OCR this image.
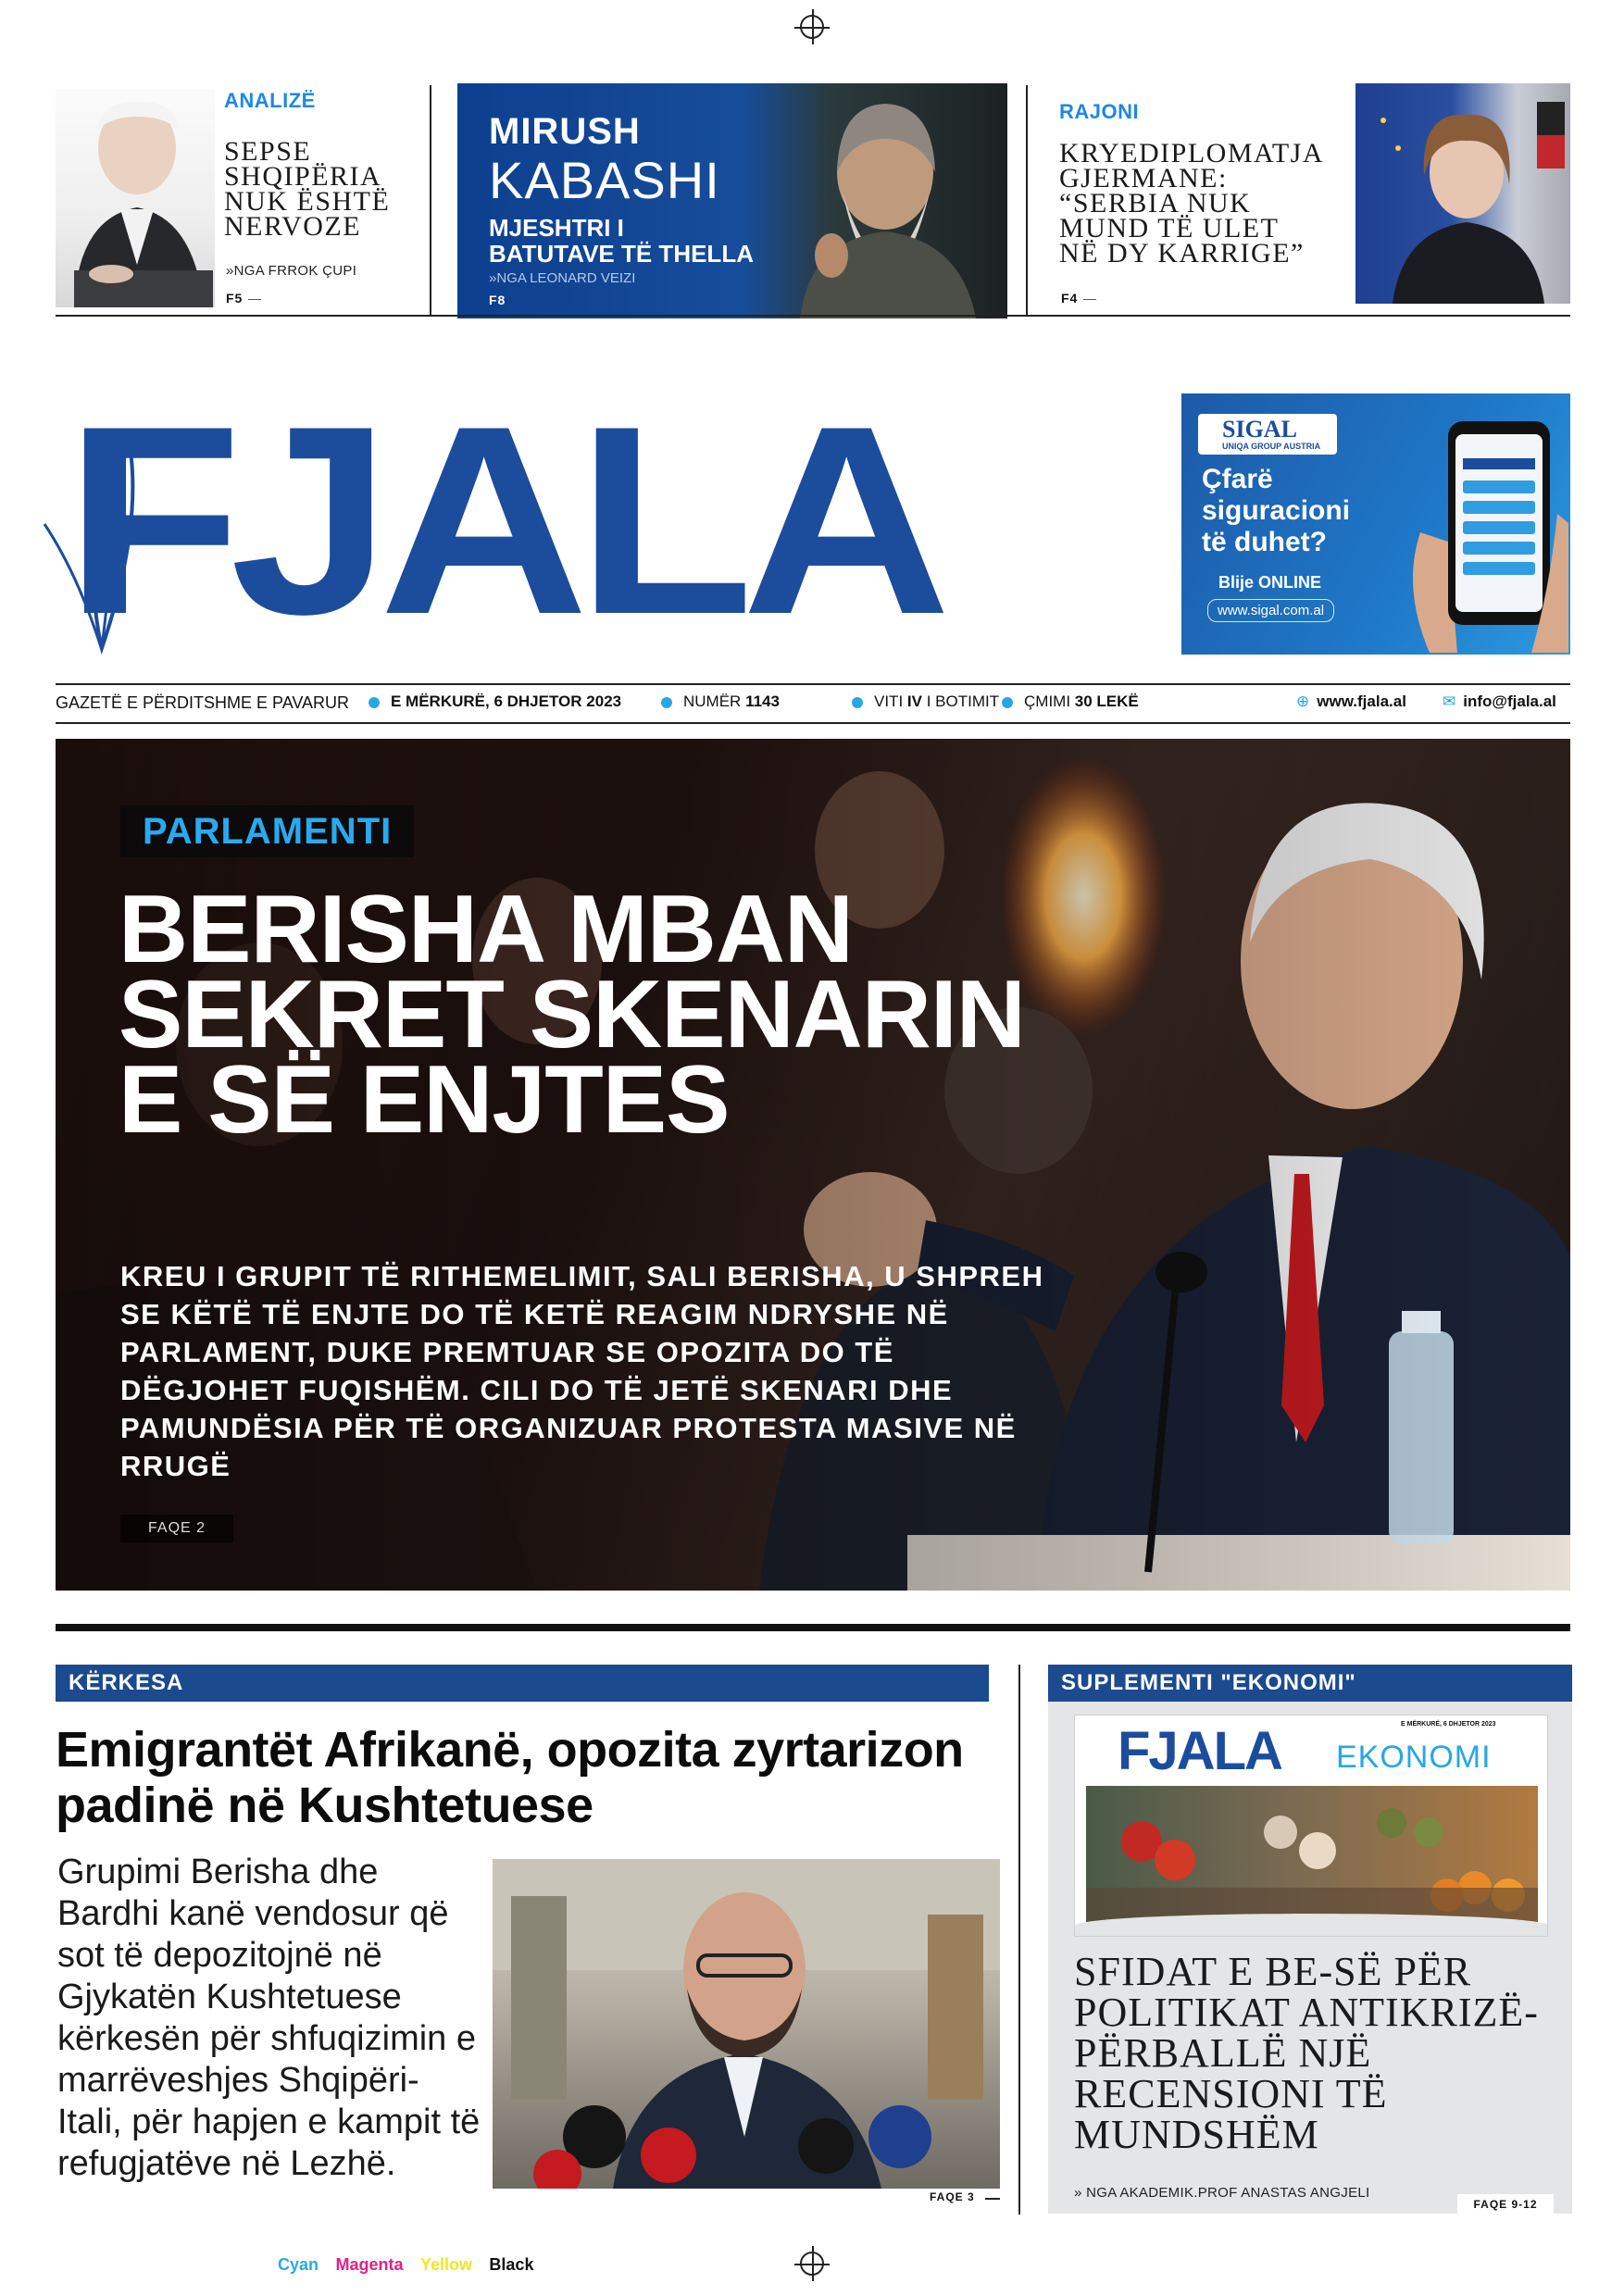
ANALIZË
SEPSE
SHQIPËRIA
NUK ËSHTË
NERVOZE
»NGA FRROK ÇUPI
F5
MIRUSH
KABASHI
MJESHTRI I
BATUTAVE TË THELLA
»NGA LEONARD VEIZI
F8
RAJONI
KRYEDIPLOMATJA
GJERMANE:
“SERBIA NUK
MUND TË ULET
NË DY KARRIGE”
F4
FJALA	SIGAL
UNIQA GROUP AUSTRIA
Çfarë
siguracioni
të duhet?
Blije ONLINE
www.sigal.com.al
GAZETË E PËRDITSHME E PAVARUR	E MËRKURË, 6 DHJETOR 2023	NUMËR 1143	VITI IV I BOTIMIT	ÇMIMI 30 LEKË	⊕ www.fjala.al ✉ info@fjala.al
PARLAMENTI
BERISHA MBAN
SEKRET SKENARIN
E SË ENJTES
KREU I GRUPIT TË RITHEMELIMIT, SALI BERISHA, U SHPREH SE KËTË TË ENJTE DO TË KETË REAGIM NDRYSHE NË PARLAMENT, DUKE PREMTUAR SE OPOZITA DO TË DËGJOHET FUQISHËM. CILI DO TË JETË SKENARI DHE PAMUNDËSIA PËR TË ORGANIZUAR PROTESTA MASIVE NË RRUGË
FAQE 2
KËRKESA
Emigrantët Afrikanë, opozita zyrtarizon padinë në Kushtetuese
Grupimi Berisha dhe Bardhi kanë vendosur që sot të depozitojnë në Gjykatën Kushtetuese kërkesën për shfuqizimin e marrëveshjes Shqipëri-Itali, për hapjen e kampit të refugjatëve në Lezhë.
FAQE 3
SUPLEMENTI "EKONOMI"
E MËRKURË, 6 DHJETOR 2023
FJALA EKONOMI
SFIDAT E BE-SË PËR POLITIKAT ANTIKRIZË- PËRBALLË NJË RECENSIONI TË MUNDSHËM
» NGA AKADEMIK.PROF ANASTAS ANGJELI
FAQE 9-12
Cyan Magenta Yellow Black
